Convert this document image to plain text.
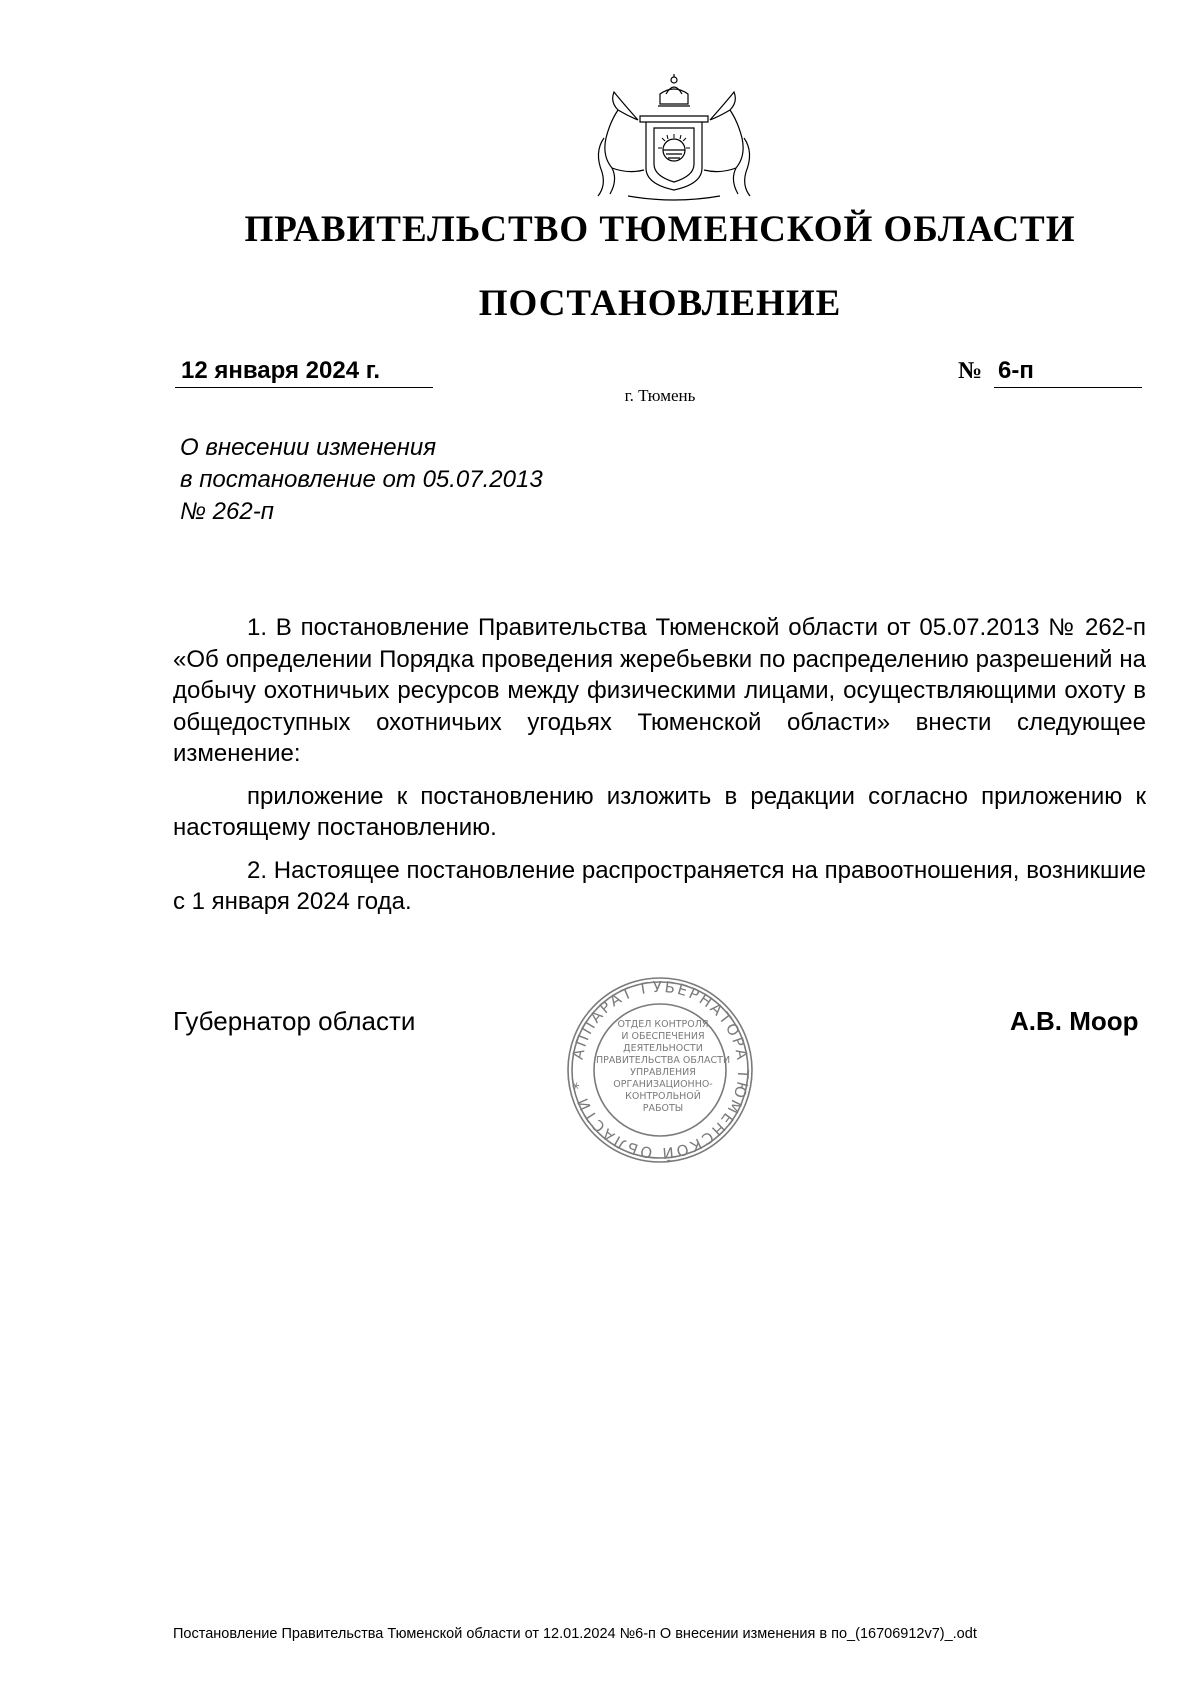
ПРАВИТЕЛЬСТВО ТЮМЕНСКОЙ ОБЛАСТИ
ПОСТАНОВЛЕНИЕ
12 января 2024 г.	№ 6-п
г. Тюмень
О внесении изменения
в постановление от 05.07.2013
№ 262-п

1. В постановление Правительства Тюменской области от 05.07.2013 № 262-п «Об определении Порядка проведения жеребьевки по распределению разрешений на добычу охотничьих ресурсов между физическими лицами, осуществляющими охоту в общедоступных охотничьих угодьях Тюменской области» внести следующее изменение:

приложение к постановлению изложить в редакции согласно приложению к настоящему постановлению.

2. Настоящее постановление распространяется на правоотношения, возникшие с 1 января 2024 года.

Губернатор области
АППАРАТ ГУБЕРНАТОРА ТЮМЕНСКОЙ ОБЛАСТИ *
ОТДЕЛ КОНТРОЛЯ
И ОБЕСПЕЧЕНИЯ
ДЕЯТЕЛЬНОСТИ
ПРАВИТЕЛЬСТВА ОБЛАСТИ
УПРАВЛЕНИЯ
ОРГАНИЗАЦИОННО-
КОНТРОЛЬНОЙ
РАБОТЫ
А.В. Моор
Постановление Правительства Тюменской области от 12.01.2024 №6-п О внесении изменения в по_(16706912v7)_.odt
